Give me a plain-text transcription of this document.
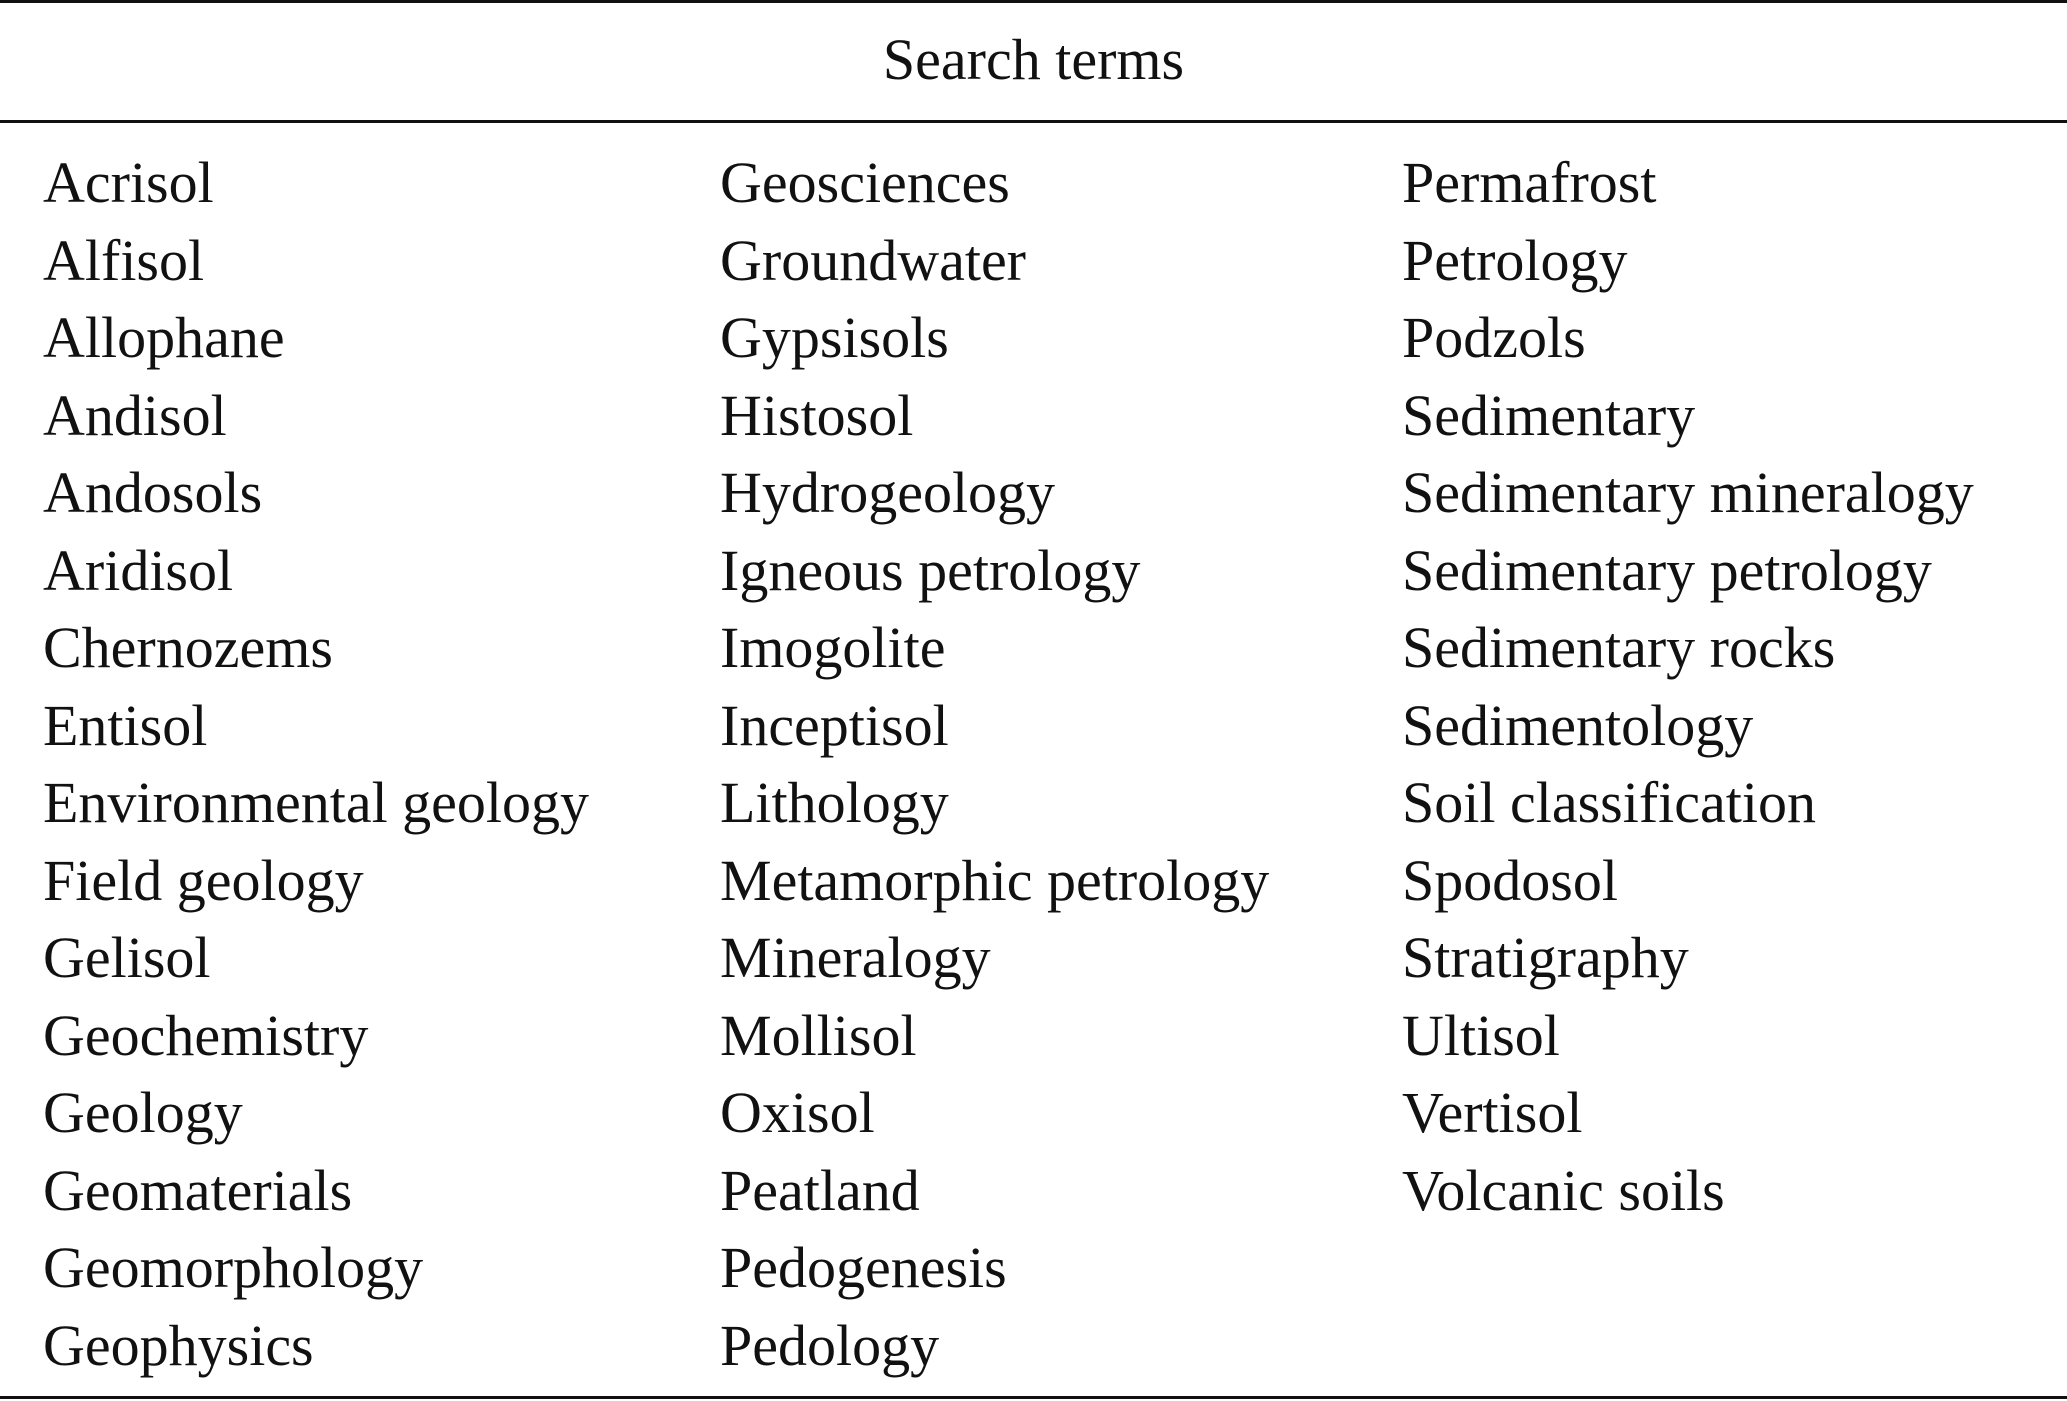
Search terms
Acrisol
Alfisol
Allophane
Andisol
Andosols
Aridisol
Chernozems
Entisol
Environmental geology
Field geology
Gelisol
Geochemistry
Geology
Geomaterials
Geomorphology
Geophysics
Geosciences
Groundwater
Gypsisols
Histosol
Hydrogeology
Igneous petrology
Imogolite
Inceptisol
Lithology
Metamorphic petrology
Mineralogy
Mollisol
Oxisol
Peatland
Pedogenesis
Pedology
Permafrost
Petrology
Podzols
Sedimentary
Sedimentary mineralogy
Sedimentary petrology
Sedimentary rocks
Sedimentology
Soil classification
Spodosol
Stratigraphy
Ultisol
Vertisol
Volcanic soils
